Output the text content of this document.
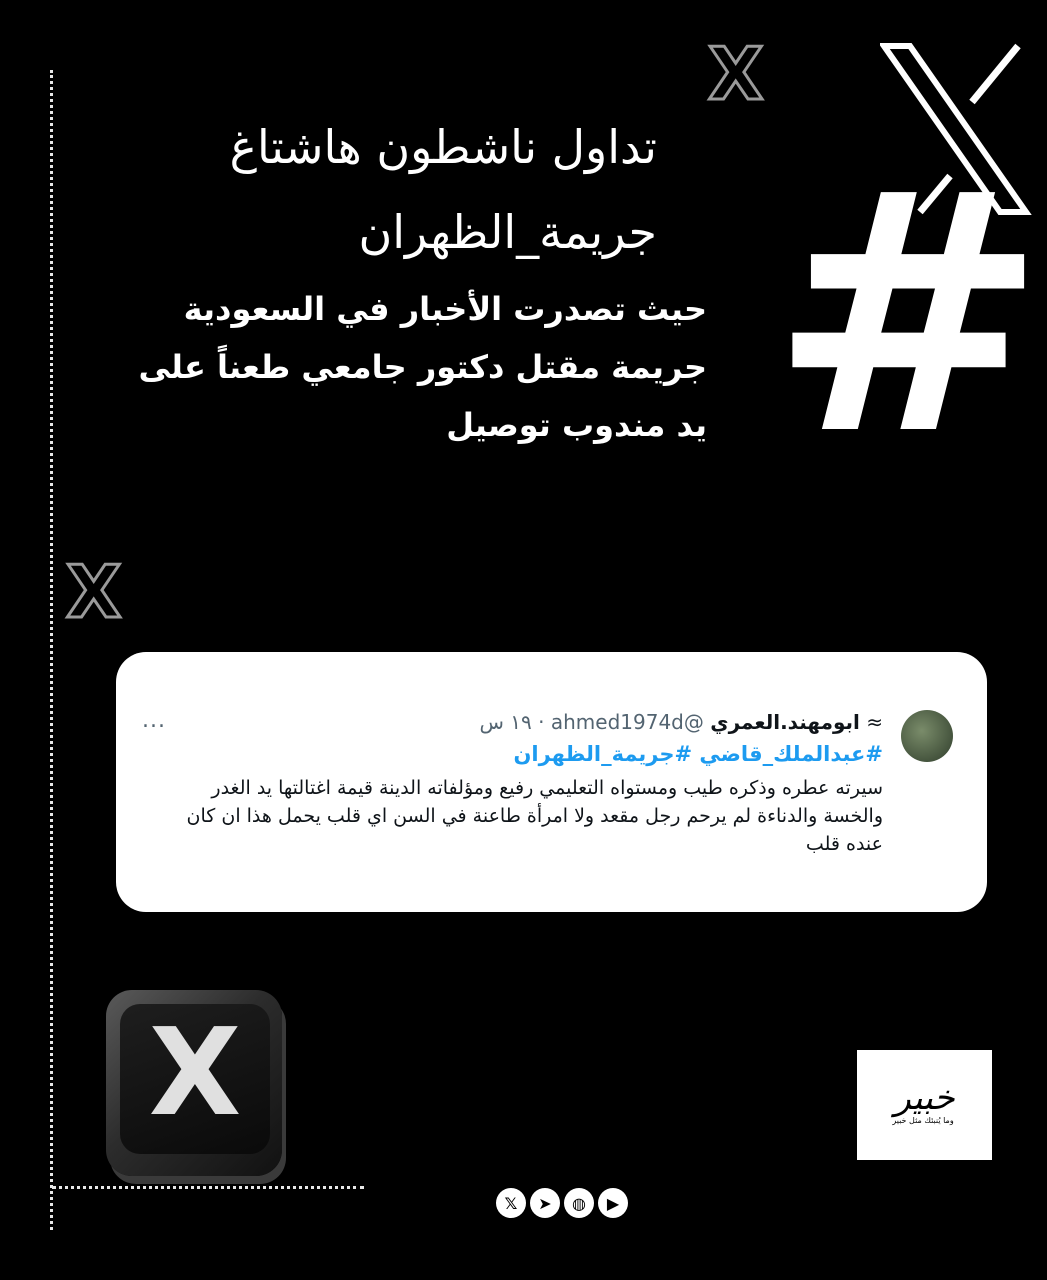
X
X
#
تداول ناشطون هاشتاغ
جريمة_الظهران
حيث تصدرت الأخبار في السعودية جريمة مقتل دكتور جامعي طعناً على يد مندوب توصيل
≈ ابومهند.العمري @ahmed1974d · ١٩ س
...
#عبدالملك_قاضي #جريمة_الظهران
سيرته عطره وذكره طيب ومستواه التعليمي رفيع ومؤلفاته الدينة قيمة اغتالتها يد الغدر والخسة والدناءة لم يرحم رجل مقعد ولا امرأة طاعنة في السن اي قلب يحمل هذا ان كان عنده قلب
X	خبير
وما يُنبئك مثل خبير
𝕏	➤	◍	▶
